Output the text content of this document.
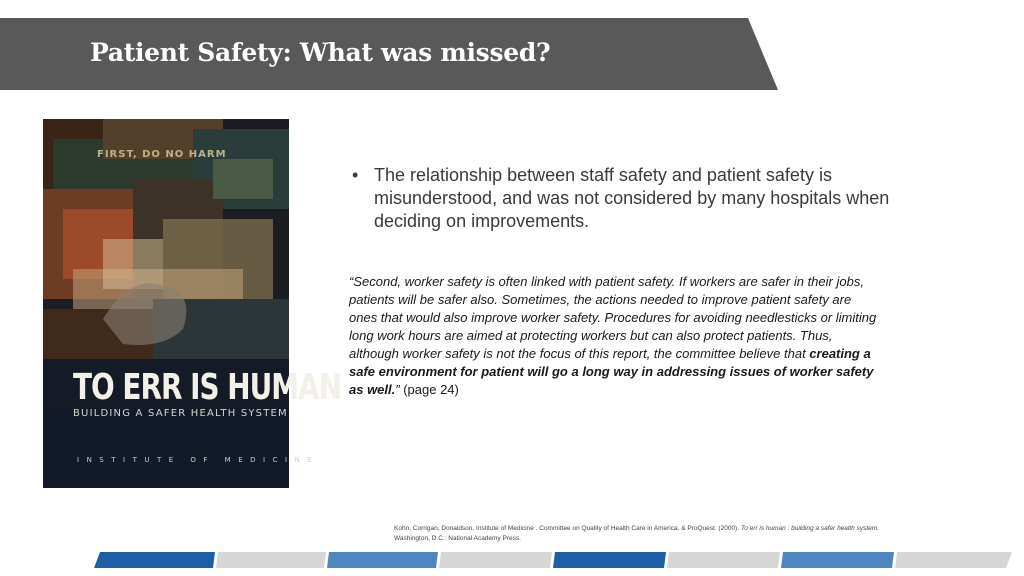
Patient Safety: What was missed?
FIRST, DO NO HARM
TO ERR IS HUMAN
BUILDING A SAFER HEALTH SYSTEM
INSTITUTE OF MEDICINE

• The relationship between staff safety and patient safety is misunderstood, and was not considered by many hospitals when deciding on improvements.

“Second, worker safety is often linked with patient safety. If workers are safer in their jobs, patients will be safer also. Sometimes, the actions needed to improve patient safety are ones that would also improve worker safety. Procedures for avoiding needlesticks or limiting long work hours are aimed at protecting workers but can also protect patients. Thus, although worker safety is not the focus of this report, the committee believe that creating a safe environment for patient will go a long way in addressing issues of worker safety as well.” (page 24)

Kohn, Corrigan, Donaldson, Institute of Medicine . Committee on Quality of Health Care in America, & ProQuest. (2000). To err is human : building a safer health system.
Washington, D.C.: National Academy Press.
